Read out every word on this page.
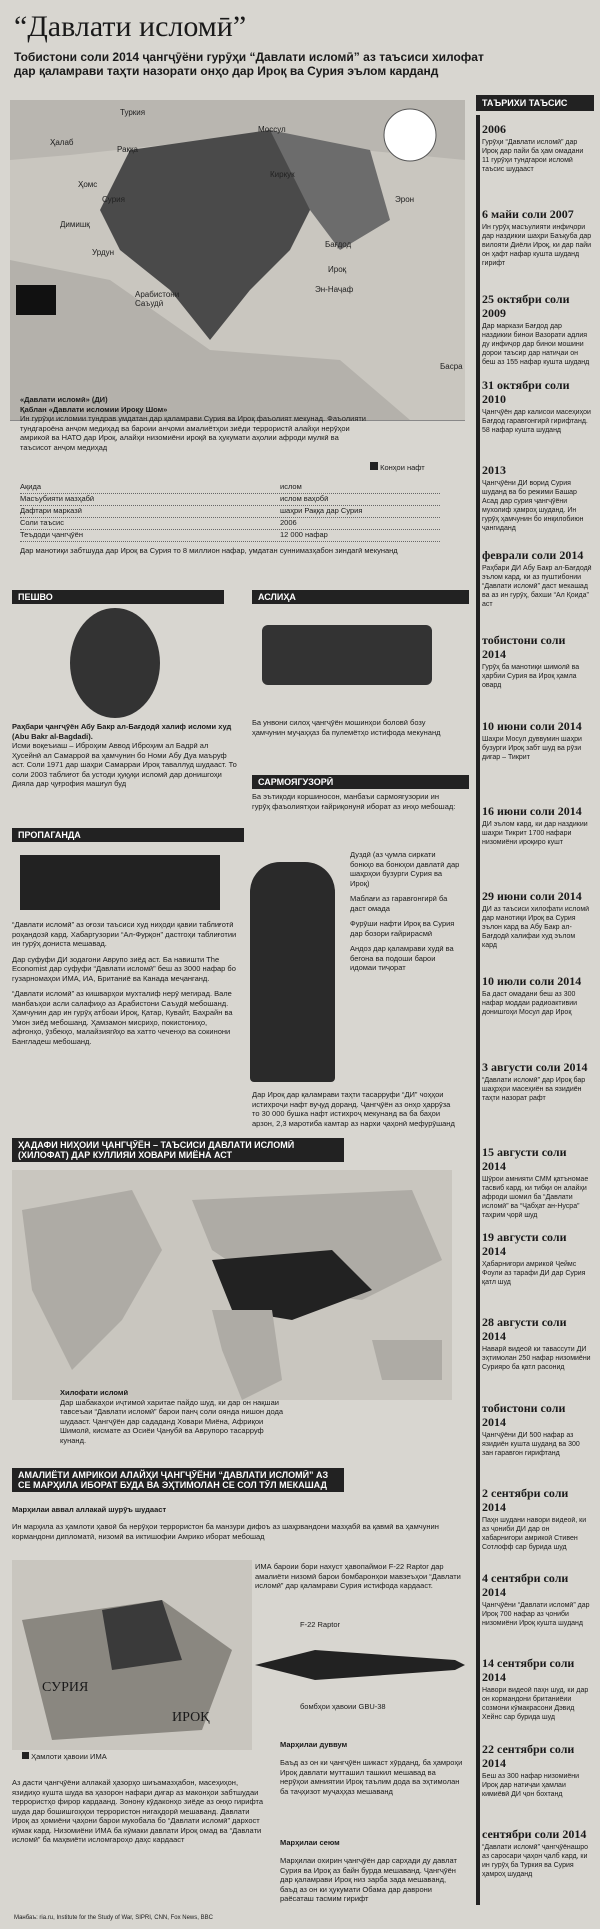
“Давлати исломӣ”
Тобистони соли 2014 ҷангҷӯёни гурӯҳи “Давлати исломӣ” аз таъсиси хилофат дар қаламрави таҳти назорати онҳо дар Ироқ ва Сурия эълом карданд
Туркия
Моссул
Ҳалаб
Раққа
Киркук
Эрон
Ҳомс
Сурия
Димишқ
Бағдод
Урдун
Ироқ
Эн-Наҷаф
Арабистони Саъудӣ
Басра
«Давлати исломӣ» (ДИ)
Қаблан «Давлати исломии Ироқу Шом»
Ин гурӯҳи исломии тундрав умдатан дар қаламрави Сурия ва Ироқ фаъолият мекунад. Фаъолияти тундгароёна анҷом медиҳад ва бароии анҷоми амалиётҳои зиёди террористӣ алайҳи нерӯҳои амрикоӣ ва НАТО дар Ироқ, алайҳи низомиёни ироқӣ ва ҳукумати аҳолии афроди мулкӣ ва таъсисот анҷом медиҳад
Конҳои нафт
Ақида	ислом
Масъубияти мазҳабӣ	ислом ваҳобӣ
Дафтари марказӣ	шаҳри Раққа дар Сурия
Соли таъсис	2006
Теъдоди ҷангҷӯён	12 000 нафар
Дар манотиқи забтшуда дар Ироқ ва Сурия то 8 миллион нафар, умдатан суннимазҳабон зиндагӣ мекунанд
ПЕШВО
Раҳбари ҷангҷӯён Абу Бакр ал-Бағдодӣ халиф исломи худ (Abu Bakr al-Bagdadi).
Исми воқеъиаш – Иброҳим Аввод Иброҳим ал Бадрӣ ал Ҳусейнӣ ал Самарроӣ ва ҳамчунин бо Номи Абу Дуа маъруф аст. Соли 1971 дар шаҳри Самарраи Ироқ таваллуд шудааст. То соли 2003 таблиғот ба устоди ҳуқуқи исломӣ дар донишгоҳи Дияла дар ҷуғрофия машғул буд
АСЛИҲА
Ба унвони силоҳ ҷангҷӯён мошинҳои боловӣ бозу ҳамчунин муҷаҳҳаз ба пулемётҳо истифода мекунанд
САРМОЯГУЗОРӢ
Ба эътиқоди коршиносон, манбаъи сармоягузории ин гурӯҳ фаъолиятҳои ғайриқонунӣ иборат аз инҳо мебошад:
Дуздӣ (аз ҷумла сиркати бонкҳо ва бонкҳои давлатӣ дар шаҳрҳои бузурги Сурия ва Ироқ)
Маблағи аз гаравгонгирӣ ба даст омада
Фурӯши нафти Ироқ ва Сурия дар бозори ғайрирасмӣ
Андоз дар қаламрави худӣ ва бегона ва подоши барои идомаи тиҷорат
Дар Ироқ дар қаламрави таҳти тасарруфи “ДИ” чоҳҳои истихроҷи нафт вуҷуд доранд. Ҷангҷӯён аз онҳо ҳаррӯза то 30 000 бушка нафт истихроҷ мекунанд ва ба баҳои арзон, 2,3 маротиба камтар аз нархи ҷаҳонӣ мефурӯшанд
ПРОПАГАНДА
“Давлати исломӣ” аз оғози таъсиси худ ниҳоди қавии таблиғотӣ роҳандозӣ кард. Хабаргузории “Ал-Фурқон” дастгоҳи таблиғотии ин гурӯҳ дониста мешавад.
Дар суфуфи ДИ зодагони Аврупо зиёд аст. Ба навишти The Economist дар суфуфи “Давлати исломӣ” беш аз 3000 нафар бо гузарномаҳои ИМА, ИА, Британиё ва Канада меҷанганд.
“Давлати исломӣ” аз кишварҳои мухталиф нерӯ мегирад. Вале манбаъҳои асли салафиҳо аз Арабистони Саъудӣ мебошанд. Ҳамчунин дар ин гурӯҳ атбоаи Ироқ, Қатар, Кувайт, Баҳрайн ва Умон зиёд мебошанд. Ҳамзамон мисриҳо, покистониҳо, афғонҳо, ӯзбекҳо, малайзиягӣҳо ва хатто чеченҳо ва сокинони Бангладеш мебошанд.
ҲАДАФИ НИҲОИИ ҶАНГҶӮЁН – ТАЪСИСИ ДАВЛАТИ ИСЛОМӢ (ХИЛОФАТ) ДАР КУЛЛИЯИ ХОВАРИ МИЁНА АСТ
Хилофати исломӣ
Дар шабакаҳои иҷтимоӣ харитае пайдо шуд, ки дар он нақшаи тавсеъаи “Давлати исломӣ” барои панҷ соли оянда нишон дода шудааст. Ҷангҷӯён дар сададанд Ховари Миёна, Африқои Шимолӣ, кисмате аз Осиёи Ҷанубӣ ва Аврупоро тасарруф кунанд.
АМАЛИЁТИ АМРИКОИ АЛАЙҲИ ҶАНГҶӮЁНИ “ДАВЛАТИ ИСЛОМӢ” АЗ СЕ МАРҲИЛА ИБОРАТ БУДА ВА ЭҲТИМОЛАН СЕ СОЛ ТӮЛ МЕКАШАД
Марҳилаи аввал аллакай шурӯъ шудааст
Ин марҳила аз ҳамлоти ҳавоӣ ба нерӯҳои террористон ба манзури дифоъ аз шаҳрвандони мазҳабӣ ва қавмӣ ва ҳамчунин кормандони дипломатӣ, низомӣ ва иктишофии Амрико иборат мебошад
СУРИЯ
ИРОҚ
Ҳамлоти ҳавоии ИМА
Аз дасти ҷангҷӯёни аллакай ҳазорҳо шиъамазҳабон, масеҳиҳон, язидиҳо кушта шуда ва ҳазорон нафари дигар аз маконҳои забтшудаи террористҳо фирор кардаанд. Зонону кӯдаконҳо зиёде аз онҳо гирифта шуда дар бошишгоҳҳои террористон нигаҳдорӣ мешаванд. Давлати Ироқ аз ҳомиёни ҷаҳони барои мукобала бо “Давлати исломӣ” дархост кӯмак кард. Низомиёни ИМА ба кӯмаки давлати Ироқ омад ва “Давлати исломӣ” ба маҳвиёти исломгароҳо даҳс кардааст
ИМА бароии бори нахуст ҳавопаймои F-22 Raptor дар амалиёти низомӣ барои бомбаронҳои мавзеъҳои “Давлати исломӣ” дар қаламрави Сурия истифода кардааст.
F-22 Raptor
бомбҳои ҳавоии GBU-38
Марҳилаи дуввум
Баъд аз он ки ҷангҷӯён шикаст хӯрданд, ба ҳамроҳи Ироқ давлати мутташил ташкил мешавад ва нерӯҳои амниятии Ироқ таълим дода ва эҳтимолан ба таҷҳизот муҷаҳҳаз мешаванд
Марҳилаи сеюм
Марҳилаи охирин ҷангҷӯён дар сарҳади ду давлат Сурия ва Ироқ аз байн бурда мешаванд. Ҷангҷӯён дар қаламрави Ироқ низ зарба зада мешаванд, баъд аз он ки ҳукумати Обама дар даврони раёсаташ тасмим гирифт
ТАЪРИХИ ТАЪСИС
2006
Гурӯҳи “Давлати исломӣ” дар Ироқ дар пайи ба ҳам омадани 11 гурӯҳи тундгарои исломӣ таъсис шудааст
6 майи соли 2007
Ин гурӯҳ масъулияти инфиҷори дар наздикии шаҳри Баъқуба дар вилояти Диёли Ироқ, ки дар пайи он ҳафт нафар кушта шуданд гирифт
25 октябри соли 2009
Дар маркази Бағдод дар наздикии бинои Вазорати адлия ду инфиҷор дар бинои мошини дорои таъсир дар натиҷаи он беш аз 155 нафар кушта шуданд
31 октябри соли 2010
Ҷангҷӯён дар калисои масеҳиҳои Бағдод гаравгонгирӣ гирифтанд. 58 нафар кушта шуданд
2013
Ҷангҷӯёни ДИ ворид Сурия шуданд ва бо режими Башар Асад дар сурия ҷангҷӯёни мухолиф ҳамроҳ шуданд. Ин гурӯҳ ҳамчунин бо инқилобиюн ҷангиданд
феврали соли 2014
Раҳбари ДИ Абу Бакр ал-Бағдодӣ эълом кард, ки аз пуштибонии “Давлати исломӣ” даст мекашад ва аз ин гурӯҳ, бахши “Ал Қоида” аст
тобистони соли 2014
Гурӯҳ ба манотиқи шимолӣ ва ҳарбии Сурия ва Ироқ ҳамла овард
10 июни соли 2014
Шаҳри Мосул дуввумин шаҳри бузурги Ироқ забт шуд ва рӯзи дигар – Тикрит
16 июни соли 2014
ДИ эълом кард, ки дар наздикии шаҳри Тикрит 1700 нафари низомиёни ироқиро кушт
29 июни соли 2014
ДИ аз таъсиси хилофати исломӣ дар манотиқи Ироқ ва Сурия эълон кард ва Абу Бакр ал-Бағдодӣ халифаи худ эълом кард
10 июли соли 2014
Ба даст омадани беш аз 300 нафар моддаи радиоактивии донишгоҳи Мосул дар Ироқ
3 августи соли 2014
“Давлати исломӣ” дар Ироқ бар шаҳрҳои масеҳиён ва язидиён таҳти назорат рафт
15 августи соли 2014
Шӯрои амнияти СММ қатъномае тасвиб кард, ки тибқи он алайҳи афроди шомил ба “Давлати исломӣ” ва “Ҷабҳат ан-Нусра” таҳрим ҷорӣ шуд
19 августи соли 2014
Ҳабарнигори амрикоӣ Ҷеймс Фоули аз тарафи ДИ дар Сурия қатл шуд
28 августи соли 2014
Наварӣ видеоӣ ки тавассути ДИ эҳтимолан 250 нафар низомиёни Сурияро ба қатл расонид
тобистони соли 2014
Ҷангҷӯёни ДИ 500 нафар аз язидиён кушта шуданд ва 300 зан гаравгон гирифтанд
2 сентябри соли 2014
Паҳн шудани навори видеоӣ, ки аз ҷониби ДИ дар он хабарнигори амрикоӣ Стивен Сотлофф сар бурида шуд
4 сентябри соли 2014
Ҷангҷӯёни “Давлати исломӣ” дар Ироқ 700 нафар аз ҷониби низомиёни Ироқ кушта шуданд
14 сентябри соли 2014
Навори видеоӣ паҳн шуд, ки дар он кормандони британиёии созмони кӯмакрасони Дэвид Хейнс сар бурида шуд
22 сентябри соли 2014
Беш аз 300 нафар низомиёни Ироқ дар натиҷаи ҳамлаи кимиёвӣ ДИ ҷон бохтанд
сентябри соли 2014
“Давлати исломӣ” ҷангҷӯёнашро аз саросари ҷаҳон ҷалб кард, ки ин гурӯҳ ба Туркия ва Сурия ҳамроҳ шуданд
Манбаъ: ria.ru, Institute for the Study of War, SIPRI, CNN, Fox News, BBC
